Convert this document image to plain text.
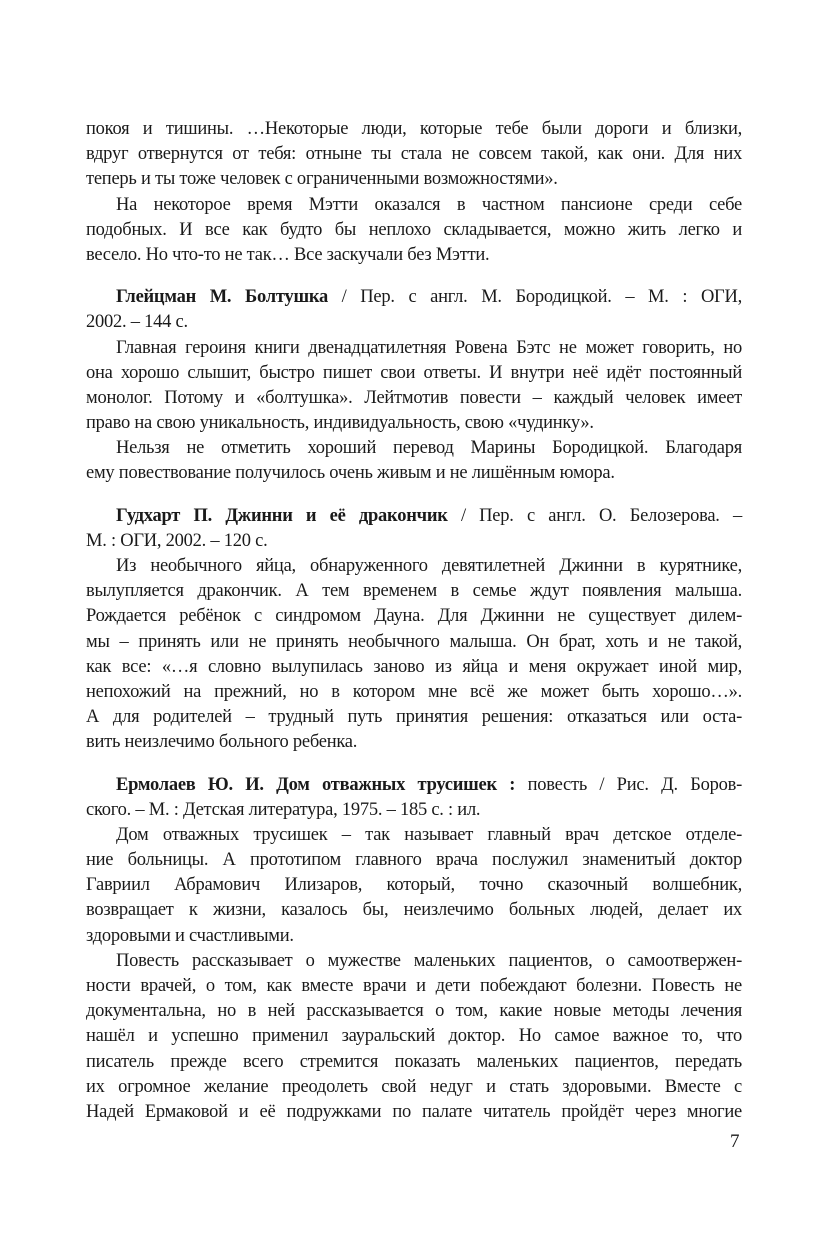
покоя и тишины. …Некоторые люди, которые тебе были дороги и близки,
вдруг отвернутся от тебя: отныне ты стала не совсем такой, как они. Для них
теперь и ты тоже человек с ограниченными возможностями».
На некоторое время Мэтти оказался в частном пансионе среди себе
подобных. И все как будто бы неплохо складывается, можно жить легко и
весело. Но что-то не так… Все заскучали без Мэтти.
Глейцман М. Болтушка / Пер. с англ. М. Бородицкой. – М. : ОГИ,
2002. – 144 с.
Главная героиня книги двенадцатилетняя Ровена Бэтс не может говорить, но
она хорошо слышит, быстро пишет свои ответы. И внутри неё идёт постоянный
монолог. Потому и «болтушка». Лейтмотив повести – каждый человек имеет
право на свою уникальность, индивидуальность, свою «чудинку».
Нельзя не отметить хороший перевод Марины Бородицкой. Благодаря
ему повествование получилось очень живым и не лишённым юмора.
Гудхарт П. Джинни и её дракончик / Пер. с англ. О. Белозерова. –
М. : ОГИ, 2002. – 120 с.
Из необычного яйца, обнаруженного девятилетней Джинни в курятнике,
вылупляется дракончик. А тем временем в семье ждут появления малыша.
Рождается ребёнок с синдромом Дауна. Для Джинни не существует дилем-
мы – принять или не принять необычного малыша. Он брат, хоть и не такой,
как все: «…я словно вылупилась заново из яйца и меня окружает иной мир,
непохожий на прежний, но в котором мне всё же может быть хорошо…».
А для родителей – трудный путь принятия решения: отказаться или оста-
вить неизлечимо больного ребенка.
Ермолаев Ю. И. Дом отважных трусишек : повесть / Рис. Д. Боров-
ского. – М. : Детская литература, 1975. – 185 с. : ил.
Дом отважных трусишек – так называет главный врач детское отделе-
ние больницы. А прототипом главного врача послужил знаменитый доктор
Гавриил Абрамович Илизаров, который, точно сказочный волшебник,
возвращает к жизни, казалось бы, неизлечимо больных людей, делает их
здоровыми и счастливыми.
Повесть рассказывает о мужестве маленьких пациентов, о самоотвержен-
ности врачей, о том, как вместе врачи и дети побеждают болезни. Повесть не
документальна, но в ней рассказывается о том, какие новые методы лечения
нашёл и успешно применил зауральский доктор. Но самое важное то, что
писатель прежде всего стремится показать маленьких пациентов, передать
их огромное желание преодолеть свой недуг и стать здоровыми. Вместе с
Надей Ермаковой и её подружками по палате читатель пройдёт через многие
7
